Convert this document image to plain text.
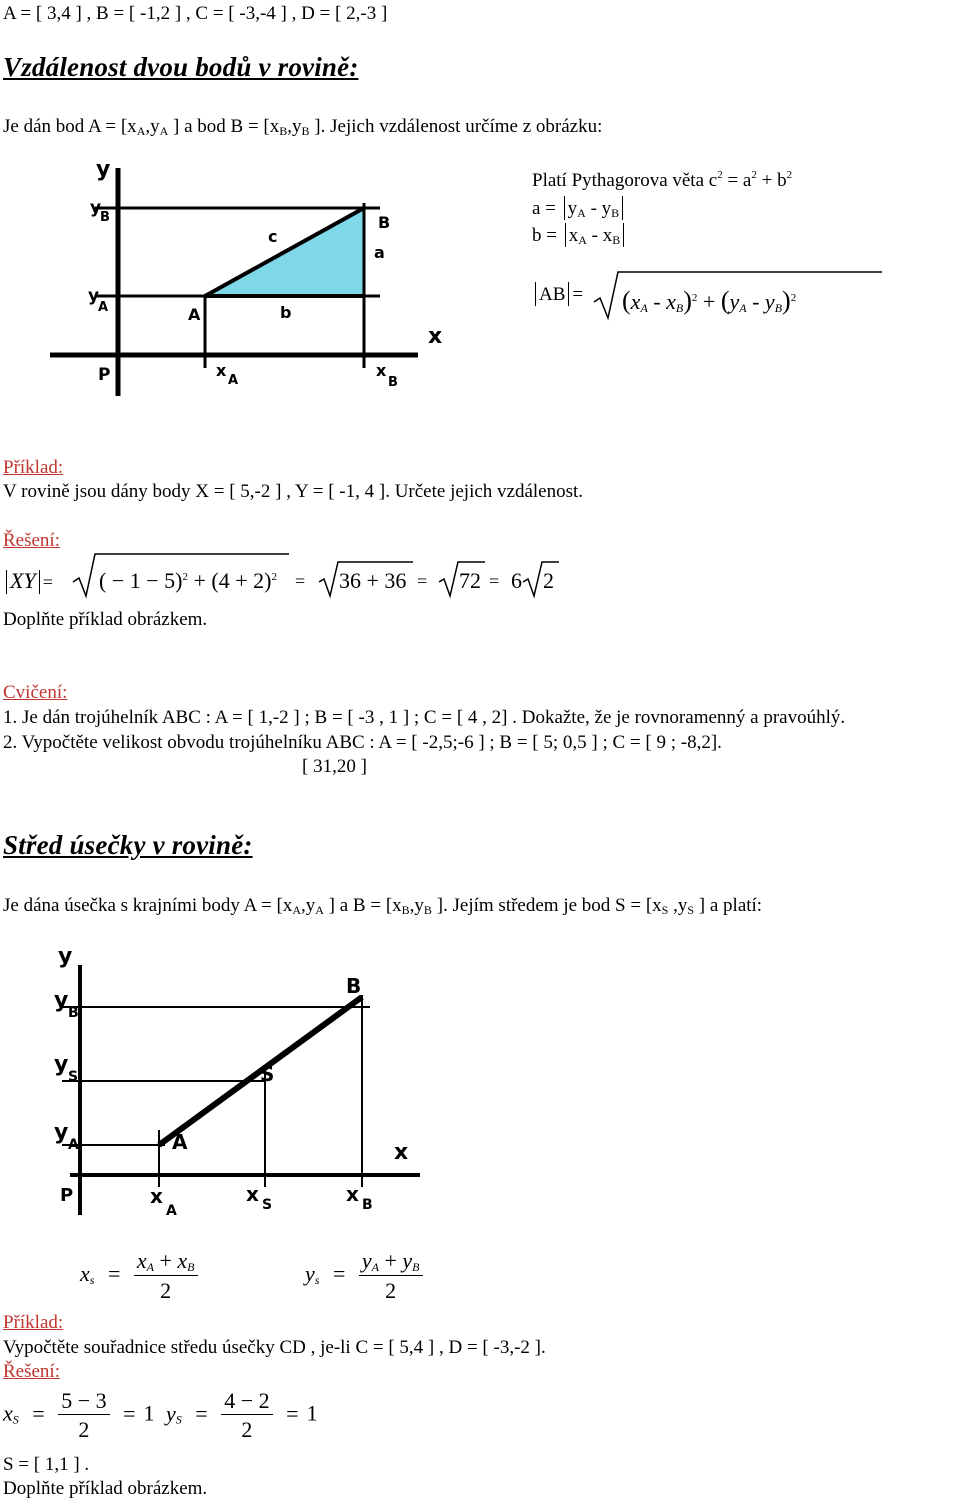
A = [ 3,4 ] , B = [ -1,2 ] , C = [ -3,-4 ] , D = [ 2,-3 ]
Vzdálenost dvou bodů v rovině:
Je dán bod $A = [x_A,y_A$ ] a bod $B = [x_B,y_B$ ]. Jejich vzdálenost určíme z obrázku:
y
y
B
y
A
B
a
c
b
A
x
P	x
A
x
B
Platí Pythagorova věta $c^2 = a^2 + b^2$
$a = y_A - y_B$
$b = x_A - x_B$
AB = $(x_A - x_B)^2 + (y_A - y_B)^2$
Příklad:
V rovině jsou dány body X = [ 5,-2 ] , Y = [ -1, 4 ]. Určete jejich vzdálenost.
Řešení:
XY = ( − $1 - 5)^2 + (4 + 2)^2 = 36 + 36 = 72 = 6$ 2
Doplňte příklad obrázkem.
Cvičení:
1. Je dán trojúhelník ABC : A = [ 1,-2 ] ; B = [ -3 , 1 ] ; C = [ 4 , 2] . Dokažte, že je rovnoramenný a pravoúhlý.
2. Vypočtěte velikost obvodu trojúhelníku ABC : A = [ -2,5;-6 ] ; B = [ 5; 0,5 ] ; C = [ 9 ; -8,2].
[ 31,20 ]
Střed úsečky v rovině:
Je dána úsečka s krajními body $A = [x_A,y_A$ ] a $B = [x_B,y_B$ ]. Jejím středem je bod $S = [x_S$ $,y_S$ ] a platí:
y
y B
y S
y A
B
S
A	x
P	x
A
x S	x B
$x_s = \frac{x_A + x_B}{2}$	$y_s = \frac{y_A + y_B}{2}$
Příklad:
Vypočtěte souřadnice středu úsečky CD , je-li C = [ 5,4 ] , D = [ -3,-2 ].
Řešení:
$x_S = \frac{5 - 3}{2} = 1$ $y_S = \frac{4 - 2}{2} = 1$
S = [ 1,1 ] .
Doplňte příklad obrázkem.
